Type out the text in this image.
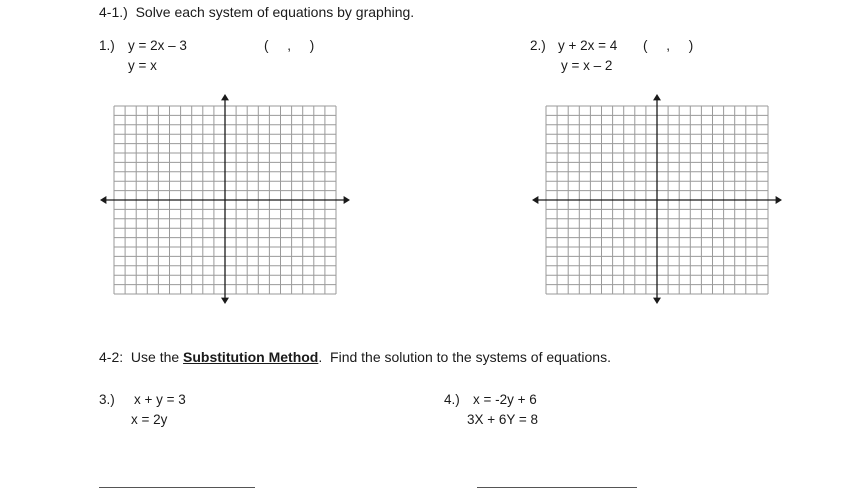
4-1.)  Solve each system of equations by graphing.
1.) y = 2x – 3
y = x
(     ,     )	2.) y + 2x = 4
y = x – 2
(     ,     )
4-2:  Use the Substitution Method.  Find the solution to the systems of equations.
3.) x + y = 3
x = 2y
4.) x = -2y + 6
3X + 6Y = 8
